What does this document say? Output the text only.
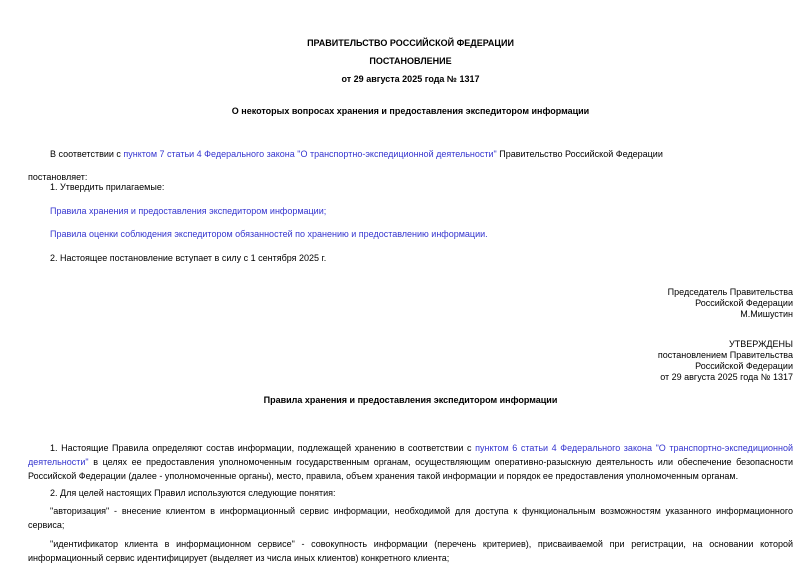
ПРАВИТЕЛЬСТВО РОССИЙСКОЙ ФЕДЕРАЦИИ
ПОСТАНОВЛЕНИЕ
от 29 августа 2025 года № 1317
О некоторых вопросах хранения и предоставления экспедитором информации

В соответствии с пунктом 7 статьи 4 Федерального закона "О транспортно-экспедиционной деятельности" Правительство Российской Федерации

постановляет:

1. Утвердить прилагаемые:

Правила хранения и предоставления экспедитором информации;

Правила оценки соблюдения экспедитором обязанностей по хранению и предоставлению информации.

2. Настоящее постановление вступает в силу с 1 сентября 2025 г.

Председатель Правительства
Российской Федерации
М.Мишустин
УТВЕРЖДЕНЫ
постановлением Правительства
Российской Федерации
от 29 августа 2025 года № 1317
Правила хранения и предоставления экспедитором информации

1. Настоящие Правила определяют состав информации, подлежащей хранению в соответствии с пунктом 6 статьи 4 Федерального закона "О транспортно-экспедиционной деятельности" в целях ее предоставления уполномоченным государственным органам, осуществляющим оперативно-разыскную деятельность или обеспечение безопасности Российской Федерации (далее - уполномоченные органы), место, правила, объем хранения такой информации и порядок ее предоставления уполномоченным органам.

2. Для целей настоящих Правил используются следующие понятия:

"авторизация" - внесение клиентом в информационный сервис информации, необходимой для доступа к функциональным возможностям указанного информационного сервиса;

"идентификатор клиента в информационном сервисе" - совокупность информации (перечень критериев), присваиваемой при регистрации, на основании которой информационный сервис идентифицирует (выделяет из числа иных клиентов) конкретного клиента;
